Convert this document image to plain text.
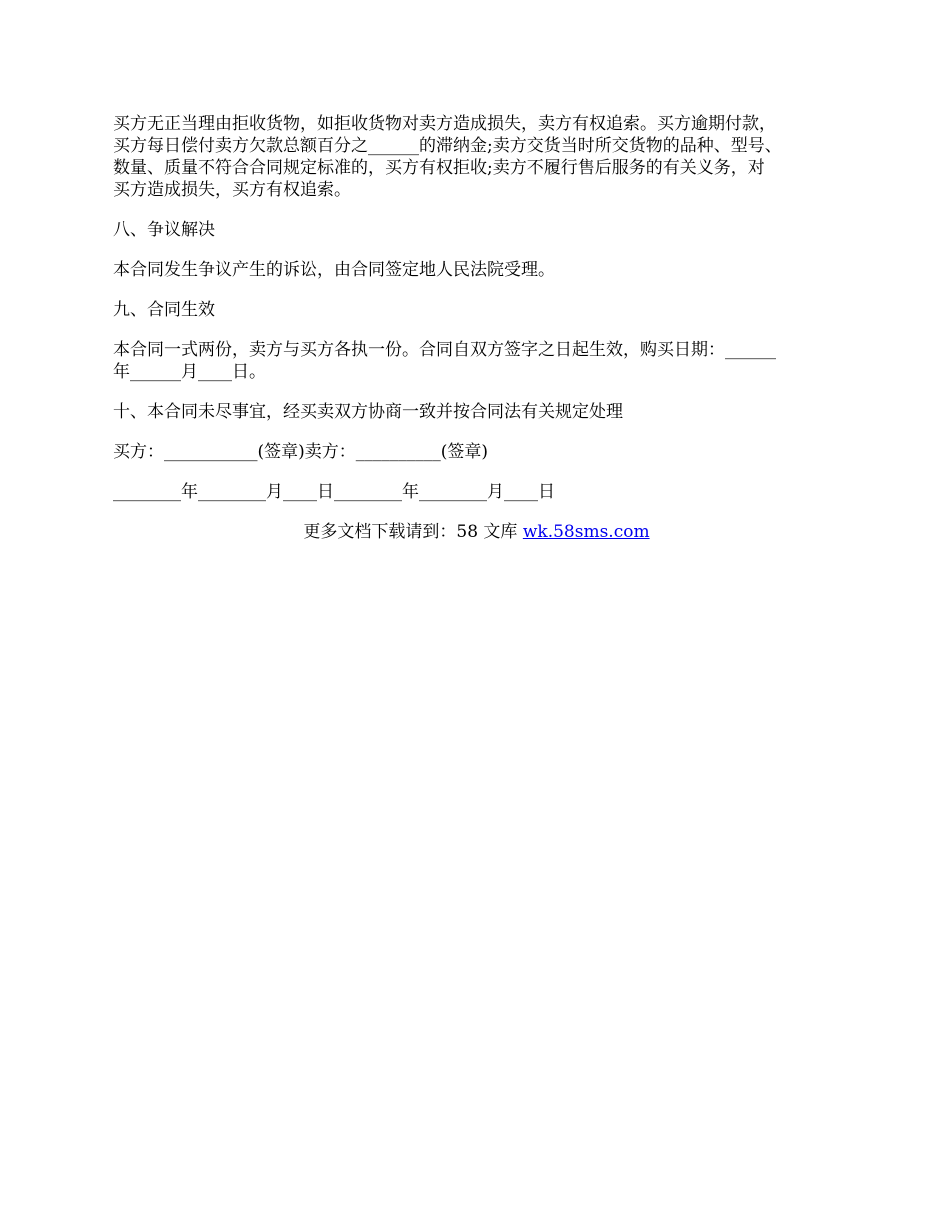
买方无正当理由拒收货物，如拒收货物对卖方造成损失，卖方有权追索。买方逾期付款，
买方每日偿付卖方欠款总额百分之______的滞纳金;卖方交货当时所交货物的品种、型号、
数量、质量不符合合同规定标准的，买方有权拒收;卖方不履行售后服务的有关义务，对
买方造成损失，买方有权追索。

八、争议解决

本合同发生争议产生的诉讼，由合同签定地人民法院受理。

九、合同生效

本合同一式两份，卖方与买方各执一份。合同自双方签字之日起生效，购买日期：______
年______月____日。

十、本合同未尽事宜，经买卖双方协商一致并按合同法有关规定处理

买方：___________(签章)卖方：__________(签章)

________年________月____日________年________月____日

更多文档下载请到：58 文库 wk.58sms.com
